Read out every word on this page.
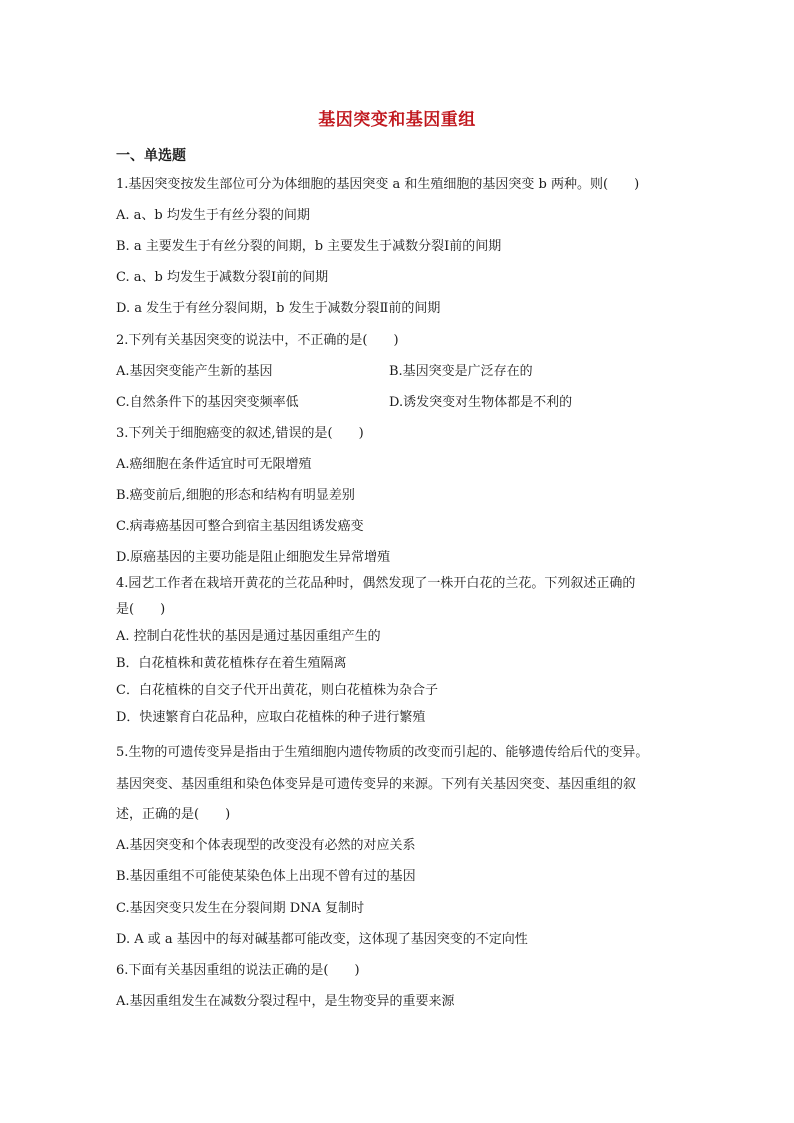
基因突变和基因重组
一、单选题
1.基因突变按发生部位可分为体细胞的基因突变 a 和生殖细胞的基因突变 b 两种。则(　　)
A. a、b 均发生于有丝分裂的间期
B. a 主要发生于有丝分裂的间期，b 主要发生于减数分裂Ⅰ前的间期
C. a、b 均发生于减数分裂Ⅰ前的间期
D. a 发生于有丝分裂间期，b 发生于减数分裂Ⅱ前的间期
2.下列有关基因突变的说法中，不正确的是(　　)
A.基因突变能产生新的基因	B.基因突变是广泛存在的
C.自然条件下的基因突变频率低	D.诱发突变对生物体都是不利的
3.下列关于细胞癌变的叙述,错误的是(　　)
A.癌细胞在条件适宜时可无限增殖
B.癌变前后,细胞的形态和结构有明显差别
C.病毒癌基因可整合到宿主基因组诱发癌变
D.原癌基因的主要功能是阻止细胞发生异常增殖
4.园艺工作者在栽培开黄花的兰花品种时，偶然发现了一株开白花的兰花。下列叙述正确的
是(　　)
A. 控制白花性状的基因是通过基因重组产生的
B．白花植株和黄花植株存在着生殖隔离
C．白花植株的自交子代开出黄花，则白花植株为杂合子
D．快速繁育白花品种，应取白花植株的种子进行繁殖
5.生物的可遗传变异是指由于生殖细胞内遗传物质的改变而引起的、能够遗传给后代的变异。
基因突变、基因重组和染色体变异是可遗传变异的来源。下列有关基因突变、基因重组的叙
述，正确的是(　　)
A.基因突变和个体表现型的改变没有必然的对应关系
B.基因重组不可能使某染色体上出现不曾有过的基因
C.基因突变只发生在分裂间期 DNA 复制时
D. A 或 a 基因中的每对碱基都可能改变，这体现了基因突变的不定向性
6.下面有关基因重组的说法正确的是(　　)
A.基因重组发生在减数分裂过程中，是生物变异的重要来源
